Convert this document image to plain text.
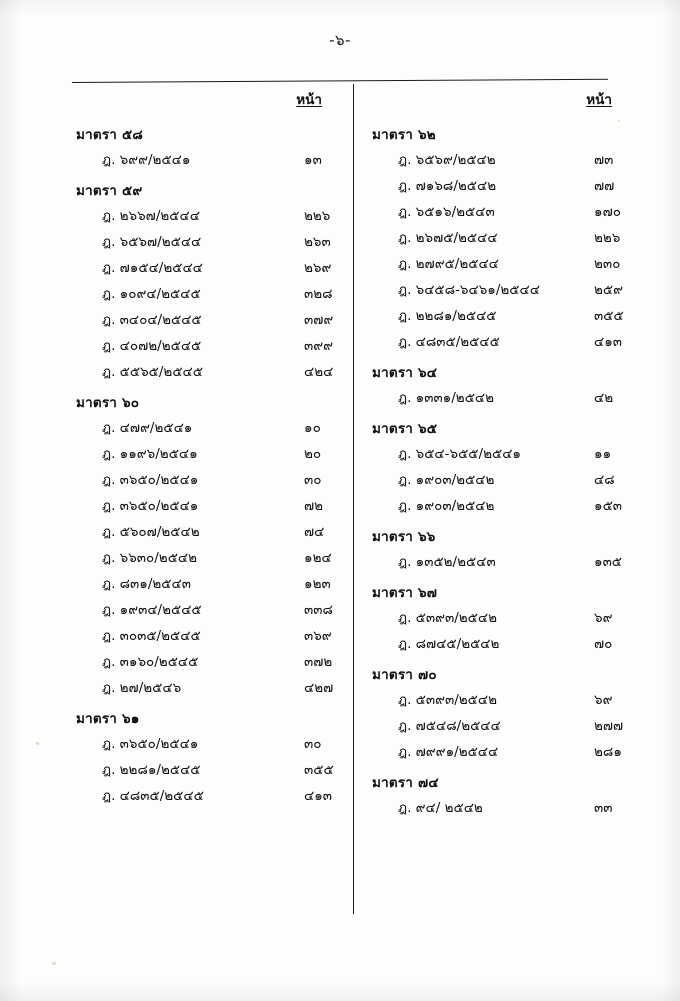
-๖-
หน้า
มาตรา ๕๘
ฎ. ๖๙๙/๒๕๔๑	๑๓
มาตรา ๕๙
ฎ. ๒๖๖๗/๒๕๔๔	๒๒๖
ฎ. ๖๕๖๗/๒๕๔๔	๒๖๓
ฎ. ๗๑๕๔/๒๕๔๔	๒๖๙
ฎ. ๑๐๙๔/๒๕๔๕	๓๒๘
ฎ. ๓๔๐๔/๒๕๔๕	๓๗๙
ฎ. ๔๐๗๒/๒๕๔๕	๓๙๙
ฎ. ๕๕๖๕/๒๕๔๕	๔๒๔
มาตรา ๖๐
ฎ. ๔๗๙/๒๕๔๑	๑๐
ฎ. ๑๑๙๖/๒๕๔๑	๒๐
ฎ. ๓๖๕๐/๒๕๔๑	๓๐
ฎ. ๓๖๕๐/๒๕๔๑	๗๒
ฎ. ๕๖๐๗/๒๕๔๒	๗๔
ฎ. ๖๖๓๐/๒๕๔๒	๑๒๔
ฎ. ๘๓๑/๒๕๔๓	๑๒๓
ฎ. ๑๙๓๔/๒๕๔๕	๓๓๘
ฎ. ๓๐๓๕/๒๕๔๕	๓๖๙
ฎ. ๓๑๖๐/๒๕๔๕	๓๗๒
ฎ. ๒๗/๒๕๔๖	๔๒๗
มาตรา ๖๑
ฎ. ๓๖๕๐/๒๕๔๑	๓๐
ฎ. ๒๒๘๑/๒๕๔๕	๓๕๕
ฎ. ๔๘๓๕/๒๕๔๕	๔๑๓
หน้า
มาตรา ๖๒
ฎ. ๖๕๖๙/๒๕๔๒	๗๓
ฎ. ๗๑๖๘/๒๕๔๒	๗๗
ฎ. ๖๕๑๖/๒๕๔๓	๑๗๐
ฎ. ๒๖๗๕/๒๕๔๔	๒๒๖
ฎ. ๒๗๙๕/๒๕๔๔	๒๓๐
ฎ. ๖๔๕๘-๖๔๖๑/๒๕๔๔	๒๕๙
ฎ. ๒๒๘๑/๒๕๔๕	๓๕๕
ฎ. ๔๘๓๕/๒๕๔๕	๔๑๓
มาตรา ๖๔
ฎ. ๑๓๓๑/๒๕๔๒	๔๒
มาตรา ๖๕
ฎ. ๖๕๔-๖๕๕/๒๕๔๑	๑๑
ฎ. ๑๙๐๓/๒๕๔๒	๔๘
ฎ. ๑๙๐๓/๒๕๔๒	๑๕๓
มาตรา ๖๖
ฎ. ๑๓๕๒/๒๕๔๓	๑๓๕
มาตรา ๖๗
ฎ. ๕๓๙๓/๒๕๔๒	๖๙
ฎ. ๘๗๔๕/๒๕๔๒	๗๐
มาตรา ๗๐
ฎ. ๕๓๙๓/๒๕๔๒	๖๙
ฎ. ๗๕๔๘/๒๕๔๔	๒๗๗
ฎ. ๗๙๙๑/๒๕๔๔	๒๘๑
มาตรา ๗๔
ฎ. ๙๔/ ๒๕๔๒	๓๓
